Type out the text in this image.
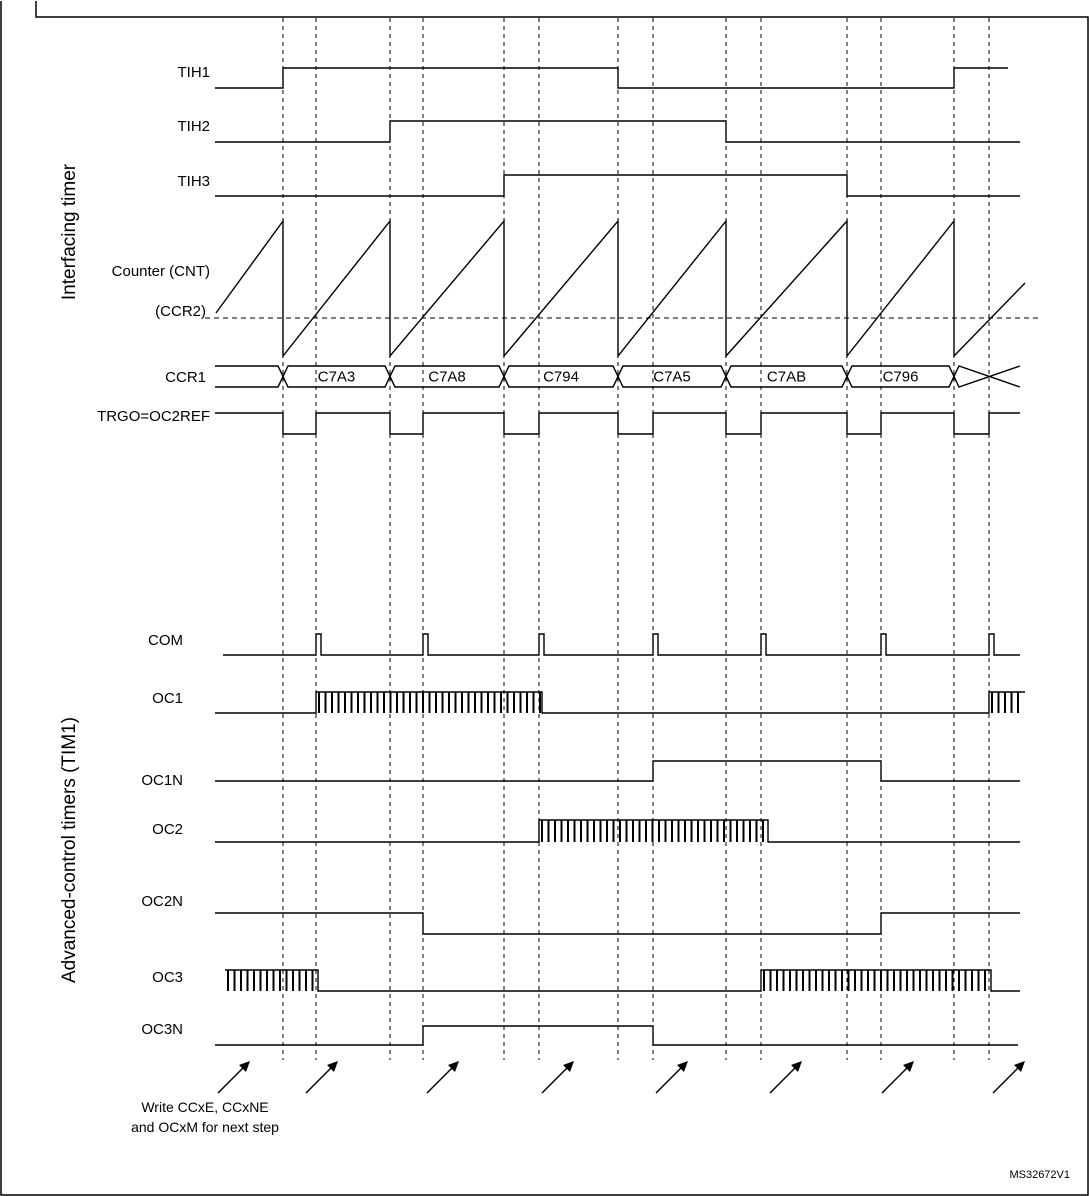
Interfacing timer
Advanced-control timers (TIM1)
TIH1
TIH2
TIH3
Counter (CNT)
(CCR2)
CCR1
TRGO=OC2REF
COM
OC1
OC1N
OC2
OC2N
OC3
OC3N
C7A3	C7A8	C794	C7A5	C7AB	C796
Write CCxE, CCxNE
and OCxM for next step
MS32672V1
